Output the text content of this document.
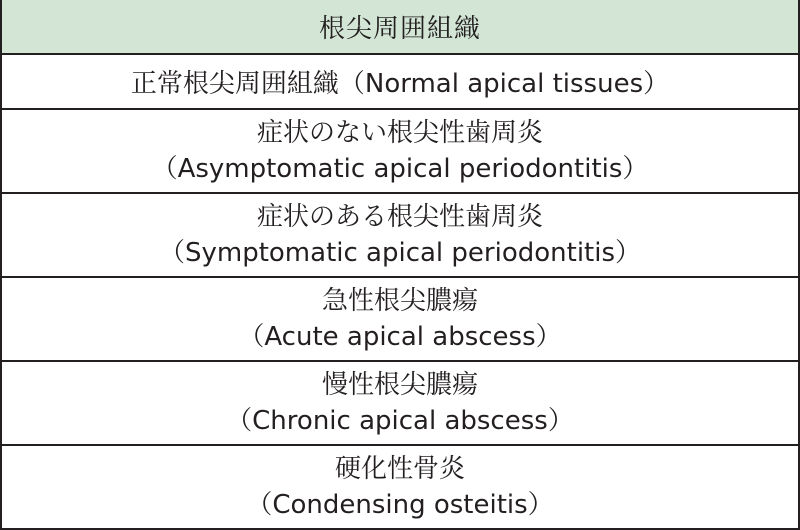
根尖周囲組織
正常根尖周囲組織（Normal apical tissues）
症状のない根尖性歯周炎
（Asymptomatic apical periodontitis）
症状のある根尖性歯周炎
（Symptomatic apical periodontitis）
急性根尖膿瘍
（Acute apical abscess）
慢性根尖膿瘍
（Chronic apical abscess）
硬化性骨炎
（Condensing osteitis）
